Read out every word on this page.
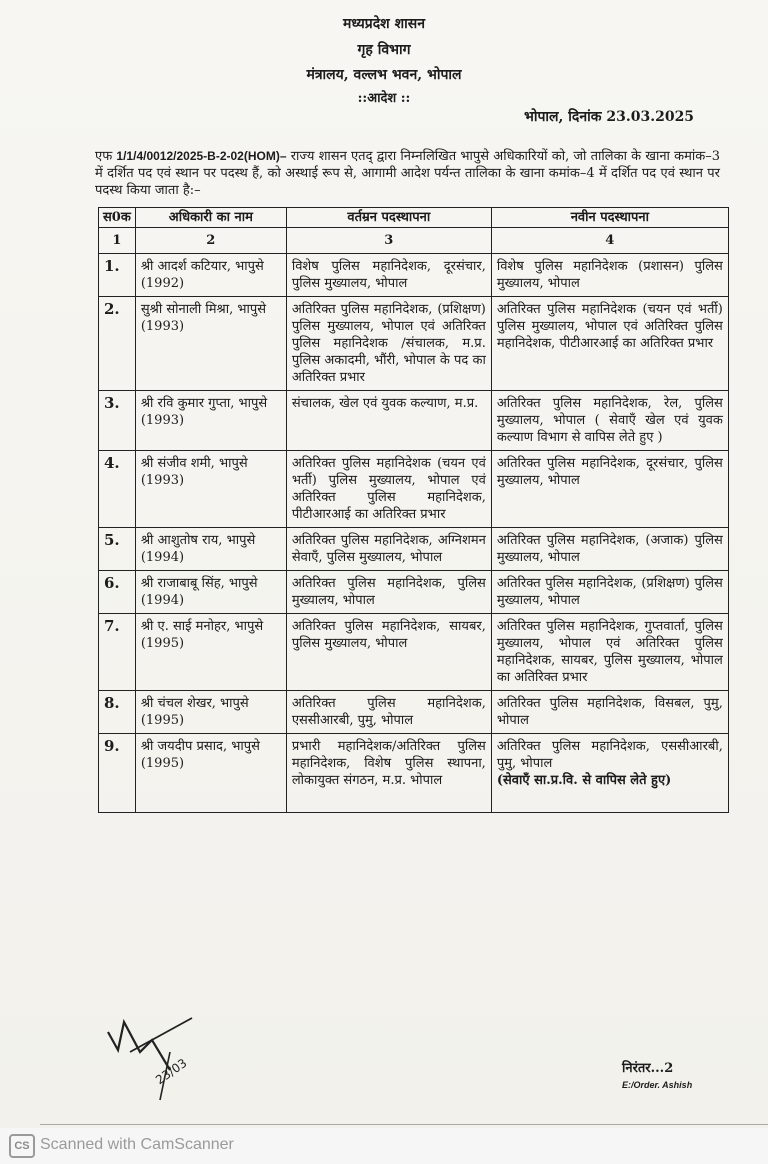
मध्यप्रदेश शासन
गृह विभाग
मंत्रालय, वल्लभ भवन, भोपाल
::आदेश ::
भोपाल, दिनांक 23.03.2025
एफ 1/1/4/0012/2025-B-2-02(HOM)– राज्य शासन एतद् द्वारा निम्नलिखित भापुसे अधिकारियों को, जो तालिका के खाना कमांक–3 में दर्शित पद एवं स्थान पर पदस्थ हैं, को अस्थाई रूप से, आगामी आदेश पर्यन्त तालिका के खाना कमांक–4 में दर्शित पद एवं स्थान पर पदस्थ किया जाता है:–
स0क	अधिकारी का नाम	वर्तम्रन पदस्थापना	नवीन पदस्थापना
1	2	3	4
1.	श्री आदर्श कटियार, भापुसे (1992)	विशेष पुलिस महानिदेशक, दूरसंचार, पुलिस मुख्यालय, भोपाल	विशेष पुलिस महानिदेशक (प्रशासन) पुलिस मुख्यालय, भोपाल
2.	सुश्री सोनाली मिश्रा, भापुसे (1993)	अतिरिक्त पुलिस महानिदेशक, (प्रशिक्षण) पुलिस मुख्यालय, भोपाल एवं अतिरिक्त पुलिस महानिदेशक /संचालक, म.प्र. पुलिस अकादमी, भौंरी, भोपाल के पद का अतिरिक्त प्रभार	अतिरिक्त पुलिस महानिदेशक (चयन एवं भर्ती) पुलिस मुख्यालय, भोपाल एवं अतिरिक्त पुलिस महानिदेशक, पीटीआरआई का अतिरिक्त प्रभार
3.	श्री रवि कुमार गुप्ता, भापुसे (1993)	संचालक, खेल एवं युवक कल्याण, म.प्र.	अतिरिक्त पुलिस महानिदेशक, रेल, पुलिस मुख्यालय, भोपाल ( सेवाएँ खेल एवं युवक कल्याण विभाग से वापिस लेते हुए )
4.	श्री संजीव शमी, भापुसे (1993)	अतिरिक्त पुलिस महानिदेशक (चयन एवं भर्ती) पुलिस मुख्यालय, भोपाल एवं अतिरिक्त पुलिस महानिदेशक, पीटीआरआई का अतिरिक्त प्रभार	अतिरिक्त पुलिस महानिदेशक, दूरसंचार, पुलिस मुख्यालय, भोपाल
5.	श्री आशुतोष राय, भापुसे (1994)	अतिरिक्त पुलिस महानिदेशक, अग्निशमन सेवाएँ, पुलिस मुख्यालय, भोपाल	अतिरिक्त पुलिस महानिदेशक, (अजाक) पुलिस मुख्यालय, भोपाल
6.	श्री राजाबाबू सिंह, भापुसे (1994)	अतिरिक्त पुलिस महानिदेशक, पुलिस मुख्यालय, भोपाल	अतिरिक्त पुलिस महानिदेशक, (प्रशिक्षण) पुलिस मुख्यालय, भोपाल
7.	श्री ए. साई मनोहर, भापुसे (1995)	अतिरिक्त पुलिस महानिदेशक, सायबर, पुलिस मुख्यालय, भोपाल	अतिरिक्त पुलिस महानिदेशक, गुप्तवार्ता, पुलिस मुख्यालय, भोपाल एवं अतिरिक्त पुलिस महानिदेशक, सायबर, पुलिस मुख्यालय, भोपाल का अतिरिक्त प्रभार
8.	श्री चंचल शेखर, भापुसे (1995)	अतिरिक्त पुलिस महानिदेशक, एससीआरबी, पुमु, भोपाल	अतिरिक्त पुलिस महानिदेशक, विसबल, पुमु, भोपाल
9.	श्री जयदीप प्रसाद, भापुसे (1995)	प्रभारी महानिदेशक/अतिरिक्त पुलिस महानिदेशक, विशेष पुलिस स्थापना, लोकायुक्त संगठन, म.प्र. भोपाल	अतिरिक्त पुलिस महानिदेशक, एससीआरबी, पुमु, भोपाल
(सेवाएँ सा.प्र.वि. से वापिस लेते हुए)
23/03	निरंतर...2
E:/Order. Ashish
CS Scanned with CamScanner
